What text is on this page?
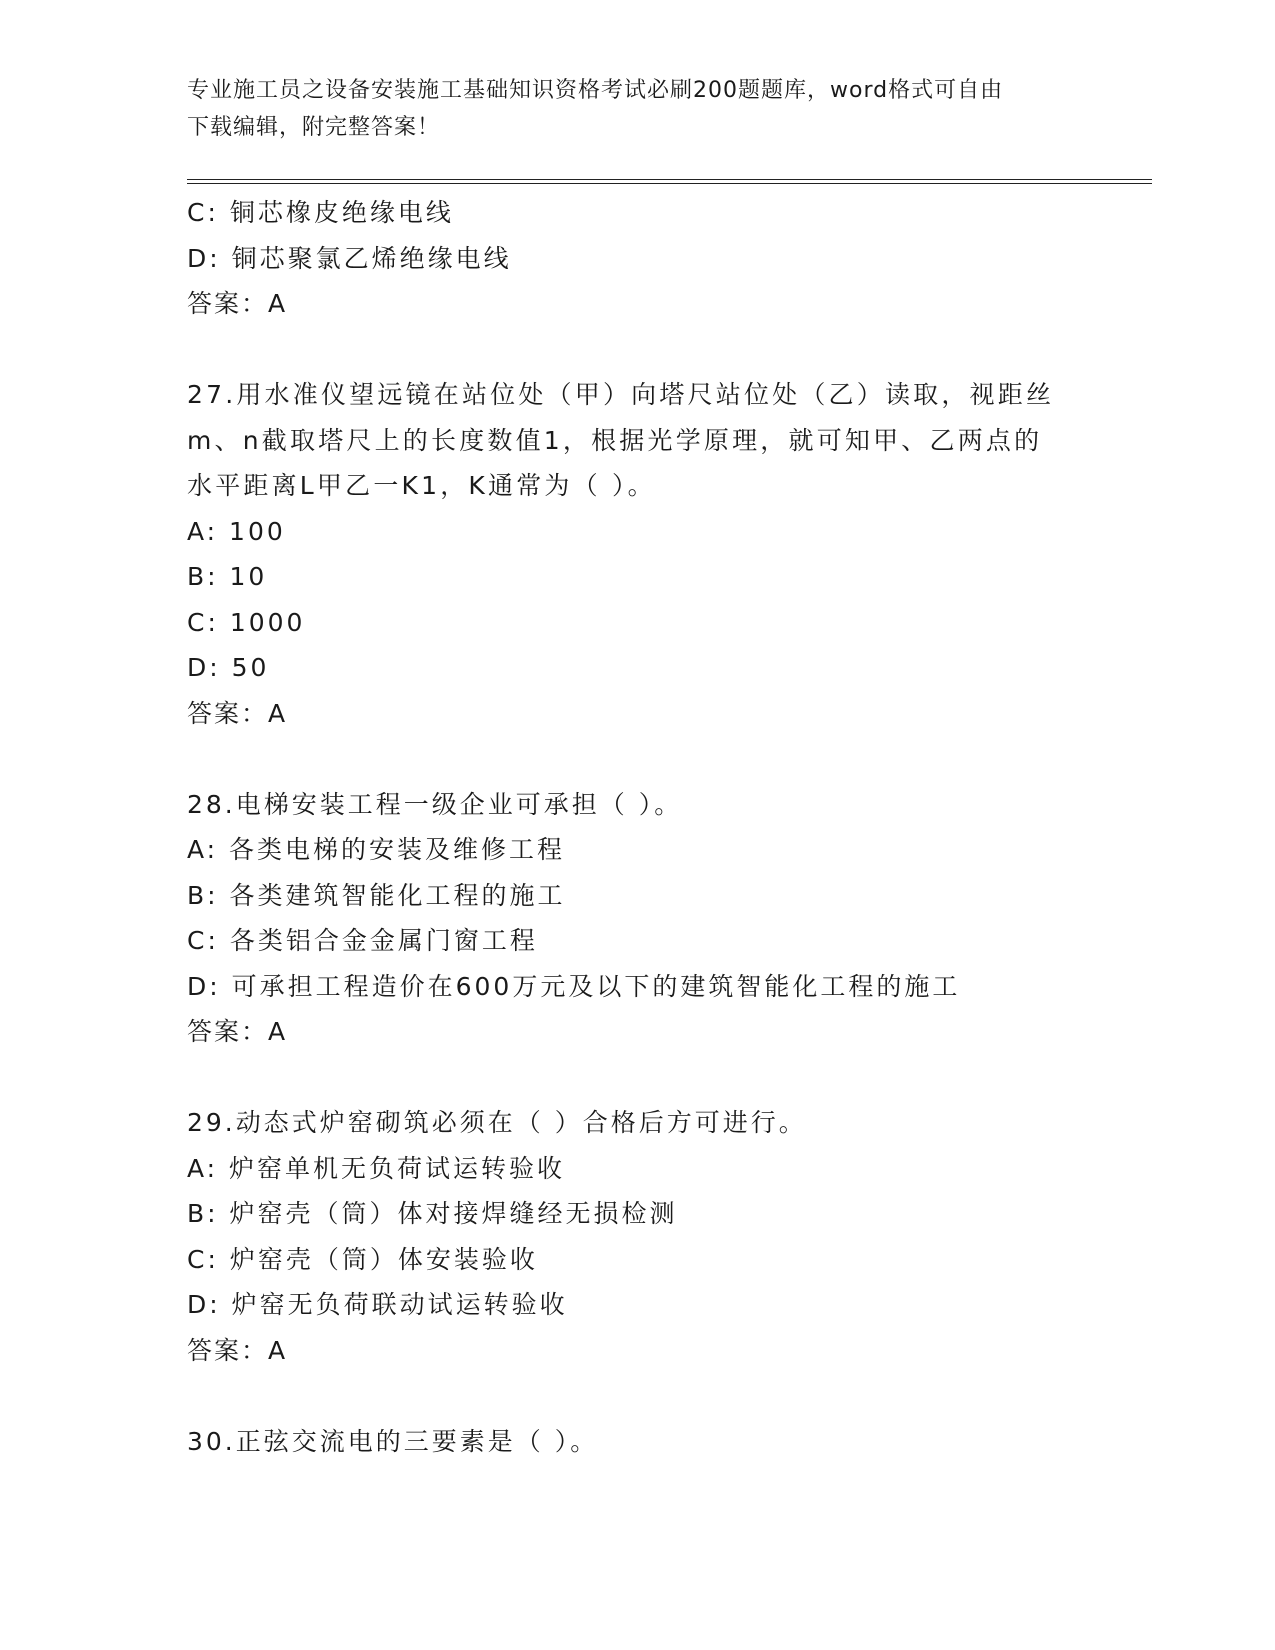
专业施工员之设备安装施工基础知识资格考试必刷200题题库，word格式可自由
下载编辑，附完整答案！
C: 铜芯橡皮绝缘电线
D: 铜芯聚氯乙烯绝缘电线
答案：A
27.用水准仪望远镜在站位处（甲）向塔尺站位处（乙）读取，视距丝
m、n截取塔尺上的长度数值1，根据光学原理，就可知甲、乙两点的
水平距离L甲乙一K1，K通常为（ ）。
A: 100
B: 10
C: 1000
D: 50
答案：A
28.电梯安装工程一级企业可承担（ ）。
A: 各类电梯的安装及维修工程
B: 各类建筑智能化工程的施工
C: 各类铝合金金属门窗工程
D: 可承担工程造价在600万元及以下的建筑智能化工程的施工
答案：A
29.动态式炉窑砌筑必须在（ ）合格后方可进行。
A: 炉窑单机无负荷试运转验收
B: 炉窑壳（筒）体对接焊缝经无损检测
C: 炉窑壳（筒）体安装验收
D: 炉窑无负荷联动试运转验收
答案：A
30.正弦交流电的三要素是（ ）。
